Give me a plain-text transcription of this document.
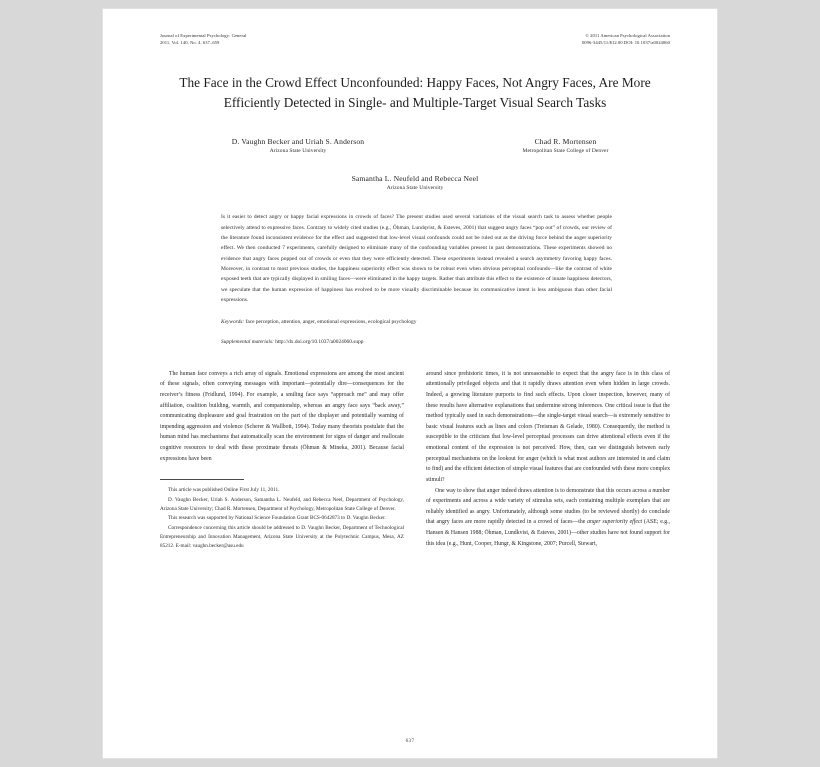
Journal of Experimental Psychology: General
2011, Vol. 140, No. 4, 637–659
© 2011 American Psychological Association
0096-3445/11/$12.00 DOI: 10.1037/a0024060
The Face in the Crowd Effect Unconfounded: Happy Faces, Not Angry Faces, Are More Efficiently Detected in Single- and Multiple-Target Visual Search Tasks
D. Vaughn Becker and Uriah S. Anderson
Arizona State University
Chad R. Mortensen
Metropolitan State College of Denver
Samantha L. Neufeld and Rebecca Neel
Arizona State University
Is it easier to detect angry or happy facial expressions in crowds of faces? The present studies used several variations of the visual search task to assess whether people selectively attend to expressive faces. Contrary to widely cited studies (e.g., Öhman, Lundqvist, & Esteves, 2001) that suggest angry faces “pop out” of crowds, our review of the literature found inconsistent evidence for the effect and suggested that low-level visual confounds could not be ruled out as the driving force behind the anger superiority effect. We then conducted 7 experiments, carefully designed to eliminate many of the confounding variables present in past demonstrations. These experiments showed no evidence that angry faces popped out of crowds or even that they were efficiently detected. These experiments instead revealed a search asymmetry favoring happy faces. Moreover, in contrast to most previous studies, the happiness superiority effect was shown to be robust even when obvious perceptual confounds—like the contrast of white exposed teeth that are typically displayed in smiling faces—were eliminated in the happy targets. Rather than attribute this effect to the existence of innate happiness detectors, we speculate that the human expression of happiness has evolved to be more visually discriminable because its communicative intent is less ambiguous than other facial expressions.
Keywords: face perception, attention, anger, emotional expressions, ecological psychology
Supplemental materials: http://dx.doi.org/10.1037/a0024060.supp

The human face conveys a rich array of signals. Emotional expressions are among the most ancient of these signals, often conveying messages with important—potentially dire—consequences for the receiver’s fitness (Fridlund, 1994). For example, a smiling face says “approach me” and may offer affiliation, coalition building, warmth, and companionship, whereas an angry face says “back away,” communicating displeasure and goal frustration on the part of the displayer and potentially warning of impending aggression and violence (Scherer & Wallbott, 1994). Today many theorists postulate that the human mind has mechanisms that automatically scan the environment for signs of danger and reallocate cognitive resources to deal with these proximate threats (Öhman & Mineka, 2001). Because facial expressions have been

This article was published Online First July 11, 2011.

D. Vaughn Becker, Uriah S. Anderson, Samantha L. Neufeld, and Rebecca Neel, Department of Psychology, Arizona State University; Chad R. Mortensen, Department of Psychology, Metropolitan State College of Denver.

This research was supported by National Science Foundation Grant BCS-0642873 to D. Vaughn Becker.

Correspondence concerning this article should be addressed to D. Vaughn Becker, Department of Technological Entrepreneurship and Innovation Management, Arizona State University at the Polytechnic Campus, Mesa, AZ 85212. E-mail: vaughn.becker@asu.edu

around since prehistoric times, it is not unreasonable to expect that the angry face is in this class of attentionally privileged objects and that it rapidly draws attention even when hidden in large crowds. Indeed, a growing literature purports to find such effects. Upon closer inspection, however, many of these results have alternative explanations that undermine strong inferences. One critical issue is that the method typically used in such demonstrations—the single-target visual search—is extremely sensitive to basic visual features such as lines and colors (Treisman & Gelade, 1980). Consequently, the method is susceptible to the criticism that low-level perceptual processes can drive attentional effects even if the emotional content of the expression is not perceived. How, then, can we distinguish between early perceptual mechanisms on the lookout for anger (which is what most authors are interested in and claim to find) and the efficient detection of simple visual features that are confounded with these more complex stimuli?

One way to show that anger indeed draws attention is to demonstrate that this occurs across a number of experiments and across a wide variety of stimulus sets, each containing multiple exemplars that are reliably identified as angry. Unfortunately, although some studies (to be reviewed shortly) do conclude that angry faces are more rapidly detected in a crowd of faces—the anger superiority effect (ASE; e.g., Hansen & Hansen 1988; Öhman, Lundkvist, & Esteves, 2001)—other studies have not found support for this idea (e.g., Hunt, Cooper, Hungr, & Kingstone, 2007; Purcell, Stewart,

637
